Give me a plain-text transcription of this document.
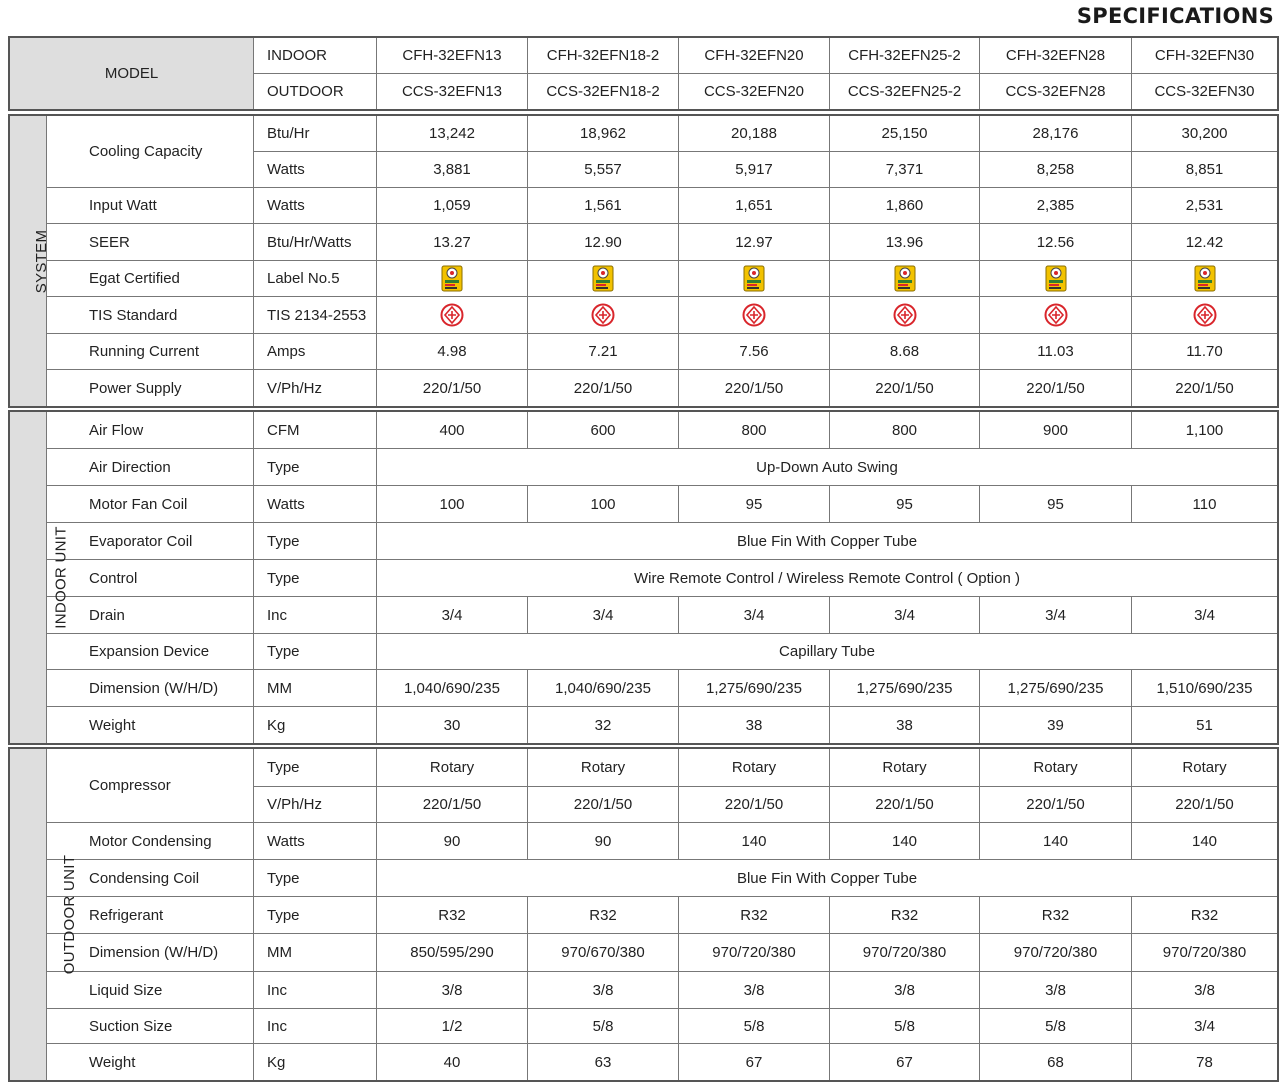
SPECIFICATIONS
MODEL	INDOOR	CFH-32EFN13	CFH-32EFN18-2	CFH-32EFN20	CFH-32EFN25-2	CFH-32EFN28	CFH-32EFN30
	OUTDOOR	CCS-32EFN13	CCS-32EFN18-2	CCS-32EFN20	CCS-32EFN25-2	CCS-32EFN28	CCS-32EFN30
SYSTEM	Cooling Capacity	Btu/Hr	13,242	18,962	20,188	25,150	28,176	30,200
		Watts	3,881	5,557	5,917	7,371	8,258	8,851
	Input Watt	Watts	1,059	1,561	1,651	1,860	2,385	2,531
	SEER	Btu/Hr/Watts	13.27	12.90	12.97	13.96	12.56	12.42
	Egat Certified	Label No.5						
	TIS Standard	TIS 2134-2553						
	Running Current	Amps	4.98	7.21	7.56	8.68	11.03	11.70
	Power Supply	V/Ph/Hz	220/1/50	220/1/50	220/1/50	220/1/50	220/1/50	220/1/50
INDOOR UNIT	Air Flow	CFM	400	600	800	800	900	1,100
	Air Direction	Type	Up-Down Auto Swing					
	Motor Fan Coil	Watts	100	100	95	95	95	110
	Evaporator Coil	Type	Blue Fin With Copper Tube					
	Control	Type	Wire Remote Control / Wireless Remote Control ( Option )					
	Drain	Inc	3/4	3/4	3/4	3/4	3/4	3/4
	Expansion Device	Type	Capillary Tube					
	Dimension (W/H/D)	MM	1,040/690/235	1,040/690/235	1,275/690/235	1,275/690/235	1,275/690/235	1,510/690/235
	Weight	Kg	30	32	38	38	39	51
OUTDOOR UNIT	Compressor	Type	Rotary	Rotary	Rotary	Rotary	Rotary	Rotary
		V/Ph/Hz	220/1/50	220/1/50	220/1/50	220/1/50	220/1/50	220/1/50
	Motor Condensing	Watts	90	90	140	140	140	140
	Condensing Coil	Type	Blue Fin With Copper Tube					
	Refrigerant	Type	R32	R32	R32	R32	R32	R32
	Dimension (W/H/D)	MM	850/595/290	970/670/380	970/720/380	970/720/380	970/720/380	970/720/380
	Liquid Size	Inc	3/8	3/8	3/8	3/8	3/8	3/8
	Suction Size	Inc	1/2	5/8	5/8	5/8	5/8	3/4
	Weight	Kg	40	63	67	67	68	78
